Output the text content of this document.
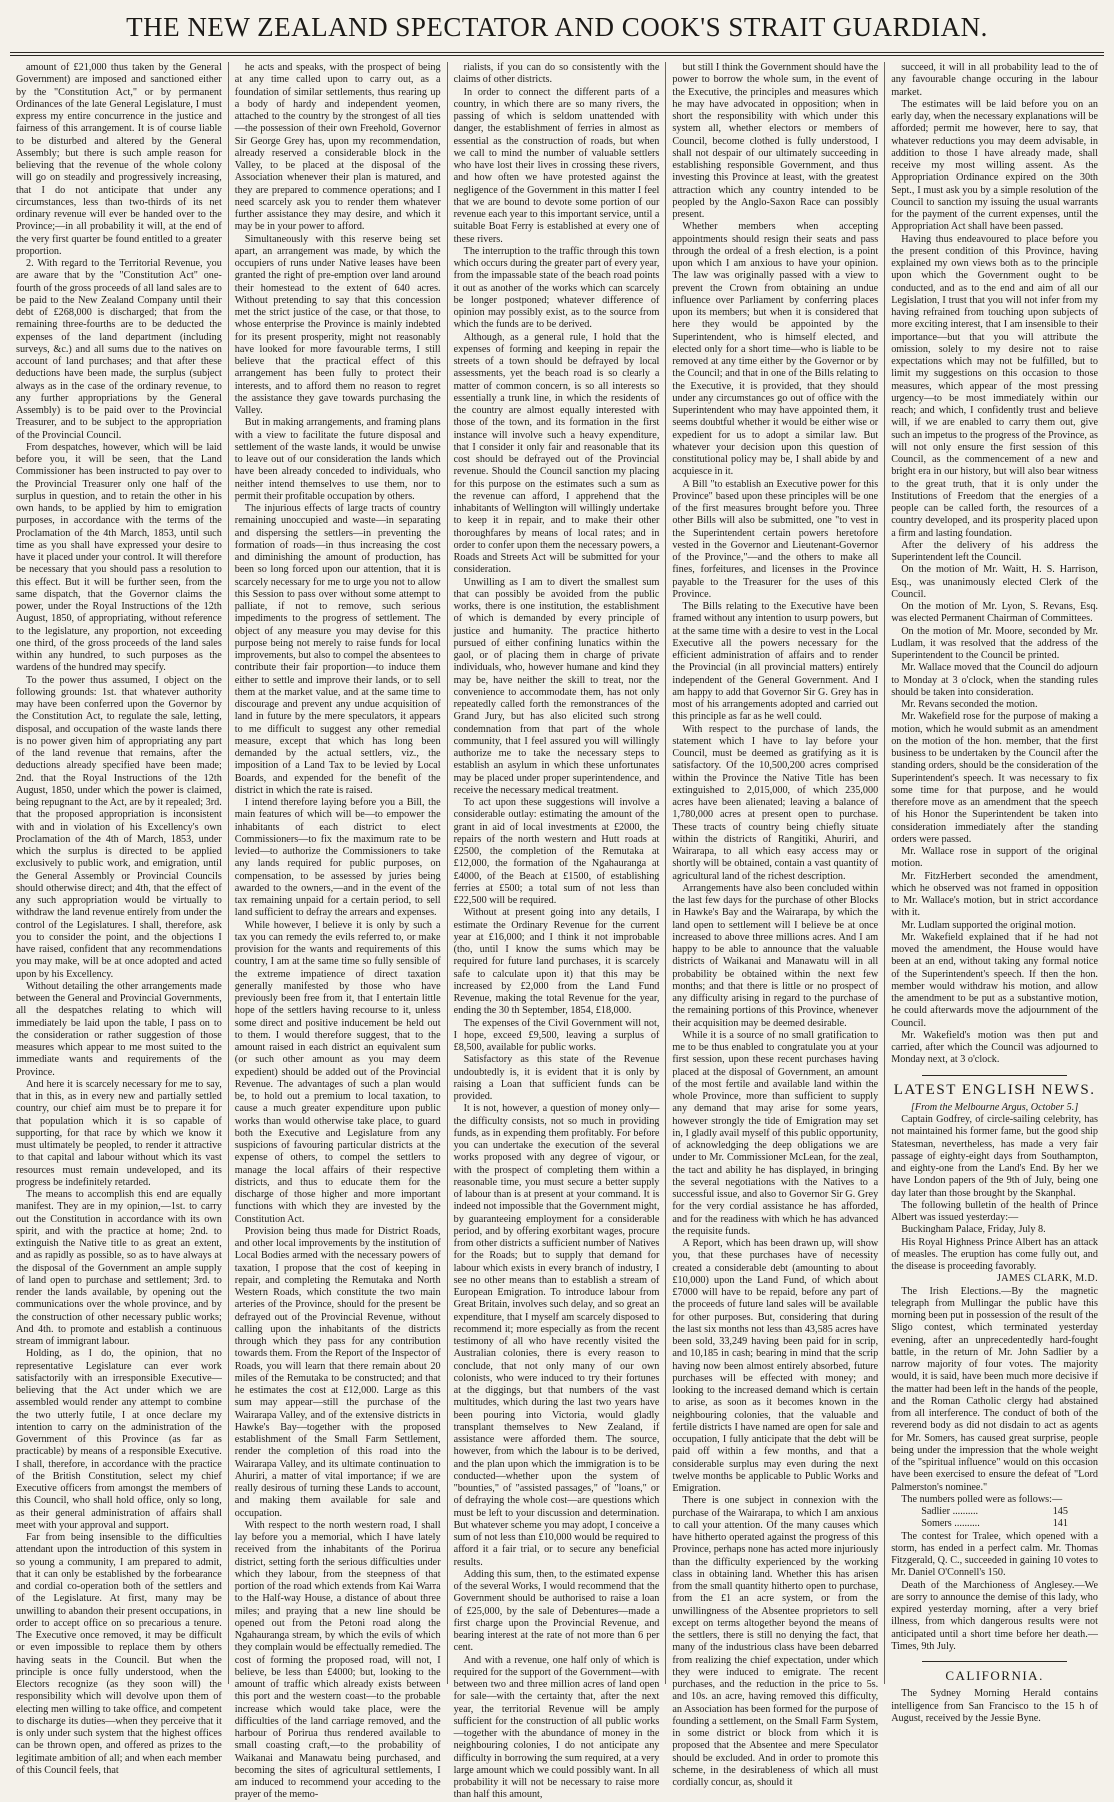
THE NEW ZEALAND SPECTATOR AND COOK'S STRAIT GUARDIAN.

amount of £21,000 thus taken by the General Government) are imposed and sanctioned either by the "Constitution Act," or by permanent Ordinances of the late General Legislature, I must express my entire concurrence in the justice and fairness of this arrangement. It is of course liable to be disturbed and altered by the General Assembly; but there is such ample reason for believing that the revenue of the whole colony will go on steadily and progressively increasing, that I do not anticipate that under any circumstances, less than two-thirds of its net ordinary revenue will ever be handed over to the Province;—in all probability it will, at the end of the very first quarter be found entitled to a greater proportion.

2. With regard to the Territorial Revenue, you are aware that by the "Constitution Act" one-fourth of the gross proceeds of all land sales are to be paid to the New Zealand Company until their debt of £268,000 is discharged; that from the remaining three-fourths are to be deducted the expenses of the land department (including surveys, &c.) and all sums due to the natives on account of land purchases; and that after these deductions have been made, the surplus (subject always as in the case of the ordinary revenue, to any further appropriations by the General Assembly) is to be paid over to the Provincial Treasurer, and to be subject to the appropriation of the Provincial Council.

From despatches, however, which will be laid before you, it will be seen, that the Land Commissioner has been instructed to pay over to the Provincial Treasurer only one half of the surplus in question, and to retain the other in his own hands, to be applied by him to emigration purposes, in accordance with the terms of the Proclamation of the 4th March, 1853, until such time as you shall have expressed your desire to have it placed under your control. It will therefore be necessary that you should pass a resolution to this effect. But it will be further seen, from the same dispatch, that the Governor claims the power, under the Royal Instructions of the 12th August, 1850, of appropriating, without reference to the legislature, any proportion, not exceeding one third, of the gross proceeds of the land sales within any hundred, to such purposes as the wardens of the hundred may specify.

To the power thus assumed, I object on the following grounds: 1st. that whatever authority may have been conferred upon the Governor by the Constitution Act, to regulate the sale, letting, disposal, and occupation of the waste lands there is no power given him of appropriating any part of the land revenue that remains, after the deductions already specified have been made; 2nd. that the Royal Instructions of the 12th August, 1850, under which the power is claimed, being repugnant to the Act, are by it repealed; 3rd. that the proposed appropriation is inconsistent with and in violation of his Excellency's own Proclamation of the 4th of March, 1853, under which the surplus is directed to be applied exclusively to public work, and emigration, until the General Assembly or Provincial Councils should otherwise direct; and 4th, that the effect of any such appropriation would be virtually to withdraw the land revenue entirely from under the control of the Legislatures. I shall, therefore, ask you to consider the point, and the objections I have raised, confident that any recommendations you may make, will be at once adopted and acted upon by his Excellency.

Without detailing the other arrangements made between the General and Provincial Governments, all the despatches relating to which will immediately be laid upon the table, I pass on to the consideration or rather suggestion of those measures which appear to me most suited to the immediate wants and requirements of the Province.

And here it is scarcely necessary for me to say, that in this, as in every new and partially settled country, our chief aim must be to prepare it for that population which it is so capable of supporting, for that race by which we know it must ultimately be peopled, to render it attractive to that capital and labour without which its vast resources must remain undeveloped, and its progress be indefinitely retarded.

The means to accomplish this end are equally manifest. They are in my opinion,—1st. to carry out the Constitution in accordance with its own spirit, and with the practice at home; 2nd. to extinguish the Native title to as great an extent, and as rapidly as possible, so as to have always at the disposal of the Government an ample supply of land open to purchase and settlement; 3rd. to render the lands available, by opening out the communications over the whole province, and by the construction of other necessary public works; And 4th. to promote and establish a continuous stream of immigrant labour.

Holding, as I do, the opinion, that no representative Legislature can ever work satisfactorily with an irresponsible Executive—believing that the Act under which we are assembled would render any attempt to combine the two utterly futile, I at once declare my intention to carry on the administration of the Government of this Province (as far as practicable) by means of a responsible Executive. I shall, therefore, in accordance with the practice of the British Constitution, select my chief Executive officers from amongst the members of this Council, who shall hold office, only so long, as their general administration of affairs shall meet with your approval and support.

Far from being insensible to the difficulties attendant upon the introduction of this system in so young a community, I am prepared to admit, that it can only be established by the forbearance and cordial co-operation both of the settlers and of the Legislature. At first, many may be unwilling to abandon their present occupations, in order to accept office on so precarious a tenure. The Executive once removed, it may be difficult or even impossible to replace them by others having seats in the Council. But when the principle is once fully understood, when the Electors recognize (as they soon will) the responsibility which will devolve upon them of electing men willing to take office, and competent to discharge its duties—when they perceive that it is only under such system that the highest offices can be thrown open, and offered as prizes to the legitimate ambition of all; and when each member of this Council feels, that

he acts and speaks, with the prospect of being at any time called upon to carry out, as a foundation of similar settlements, thus rearing up a body of hardy and independent yeomen, attached to the country by the strongest of all ties—the possession of their own Freehold, Governor Sir George Grey has, upon my recommendation, already reserved a considerable block in the Valley, to be placed at the disposal of the Association whenever their plan is matured, and they are prepared to commence operations; and I need scarcely ask you to render them whatever further assistance they may desire, and which it may be in your power to afford.

Simultaneously with this reserve being set apart, an arrangement was made, by which the occupiers of runs under Native leases have been granted the right of pre-emption over land around their homestead to the extent of 640 acres. Without pretending to say that this concession met the strict justice of the case, or that those, to whose enterprise the Province is mainly indebted for its present prosperity, might not reasonably have looked for more favourable terms, I still believe that the practical effect of this arrangement has been fully to protect their interests, and to afford them no reason to regret the assistance they gave towards purchasing the Valley.

But in making arrangements, and framing plans with a view to facilitate the future disposal and settlement of the waste lands, it would be unwise to leave out of our consideration the lands which have been already conceded to individuals, who neither intend themselves to use them, nor to permit their profitable occupation by others.

The injurious effects of large tracts of country remaining unoccupied and waste—in separating and dispersing the settlers—in preventing the formation of roads—in thus increasing the cost and diminishing the amount of production, has been so long forced upon our attention, that it is scarcely necessary for me to urge you not to allow this Session to pass over without some attempt to palliate, if not to remove, such serious impediments to the progress of settlement. The object of any measure you may devise for this purpose being not merely to raise funds for local improvements, but also to compel the absentees to contribute their fair proportion—to induce them either to settle and improve their lands, or to sell them at the market value, and at the same time to discourage and prevent any undue acquisition of land in future by the mere speculators, it appears to me difficult to suggest any other remedial measure, except that which has long been demanded by the actual settlers, viz., the imposition of a Land Tax to be levied by Local Boards, and expended for the benefit of the district in which the rate is raised.

I intend therefore laying before you a Bill, the main features of which will be—to empower the inhabitants of each district to elect Commissioners—to fix the maximum rate to be levied—to authorize the Commissioners to take any lands required for public purposes, on compensation, to be assessed by juries being awarded to the owners,—and in the event of the tax remaining unpaid for a certain period, to sell land sufficient to defray the arrears and expenses.

While however, I believe it is only by such a tax you can remedy the evils referred to, or make provision for the wants and requirements of this country, I am at the same time so fully sensible of the extreme impatience of direct taxation generally manifested by those who have previously been free from it, that I entertain little hope of the settlers having recourse to it, unless some direct and positive inducement be held out to them. I would therefore suggest, that to the amount raised in each district an equivalent sum (or such other amount as you may deem expedient) should be added out of the Provincial Revenue. The advantages of such a plan would be, to hold out a premium to local taxation, to cause a much greater expenditure upon public works than would otherwise take place, to guard both the Executive and Legislature from any suspicions of favouring particular districts at the expense of others, to compel the settlers to manage the local affairs of their respective districts, and thus to educate them for the discharge of those higher and more important functions with which they are invested by the Constitution Act.

Provision being thus made for District Roads, and other local improvements by the institution of Local Bodies armed with the necessary powers of taxation, I propose that the cost of keeping in repair, and completing the Remutaka and North Western Roads, which constitute the two main arteries of the Province, should for the present be defrayed out of the Provincial Revenue, without calling upon the inhabitants of the districts through which they pass for any contribution towards them. From the Report of the Inspector of Roads, you will learn that there remain about 20 miles of the Remutaka to be constructed; and that he estimates the cost at £12,000. Large as this sum may appear—still the purchase of the Wairarapa Valley, and of the extensive districts in Hawke's Bay—together with the proposed establishment of the Small Farm Settlement, render the completion of this road into the Wairarapa Valley, and its ultimate continuation to Ahuriri, a matter of vital importance; if we are really desirous of turning these Lands to account, and making them available for sale and occupation.

With respect to the north western road, I shall lay before you a memorial, which I have lately received from the inhabitants of the Porirua district, setting forth the serious difficulties under which they labour, from the steepness of that portion of the road which extends from Kai Warra to the Half-way House, a distance of about three miles; and praying that a new line should be opened out from the Petoni road along the Ngahauranga stream, by which the evils of which they complain would be effectually remedied. The cost of forming the proposed road, will not, I believe, be less than £4000; but, looking to the amount of traffic which already exists between this port and the western coast—to the probable increase which would take place, were the difficulties of the land carriage removed, and the harbour of Porirua thus rendered available to small coasting craft,—to the probability of Waikanai and Manawatu being purchased, and becoming the sites of agricultural settlements, I am induced to recommend your acceding to the prayer of the memo-

rialists, if you can do so consistently with the claims of other districts.

In order to connect the different parts of a country, in which there are so many rivers, the passing of which is seldom unattended with danger, the establishment of ferries in almost as essential as the construction of roads, but when we call to mind the number of valuable settlers who have lost their lives in crossing these rivers, and how often we have protested against the negligence of the Government in this matter I feel that we are bound to devote some portion of our revenue each year to this important service, until a suitable Boat Ferry is established at every one of these rivers.

The interruption to the traffic through this town which occurs during the greater part of every year, from the impassable state of the beach road points it out as another of the works which can scarcely be longer postponed; whatever difference of opinion may possibly exist, as to the source from which the funds are to be derived.

Although, as a general rule, I hold that the expenses of forming and keeping in repair the streets of a town should be defrayed by local assessments, yet the beach road is so clearly a matter of common concern, is so all interests so essentially a trunk line, in which the residents of the country are almost equally interested with those of the town, and its formation in the first instance will involve such a heavy expenditure, that I consider it only fair and reasonable that its cost should be defrayed out of the Provincial revenue. Should the Council sanction my placing for this purpose on the estimates such a sum as the revenue can afford, I apprehend that the inhabitants of Wellington will willingly undertake to keep it in repair, and to make their other thoroughfares by means of local rates; and in order to confer upon them the necessary powers, a Roads and Streets Act will be submitted for your consideration.

Unwilling as I am to divert the smallest sum that can possibly be avoided from the public works, there is one institution, the establishment of which is demanded by every principle of justice and humanity. The practice hitherto pursued of either confining lunatics within the gaol, or of placing them in charge of private individuals, who, however humane and kind they may be, have neither the skill to treat, nor the convenience to accommodate them, has not only repeatedly called forth the remonstrances of the Grand Jury, but has also elicited such strong condemnation from that part of the whole community, that I feel assured you will willingly authorize me to take the necessary steps to establish an asylum in which these unfortunates may be placed under proper superintendence, and receive the necessary medical treatment.

To act upon these suggestions will involve a considerable outlay: estimating the amount of the grant in aid of local investments at £2000, the repairs of the north western and Hutt roads at £2500, the completion of the Remutaka at £12,000, the formation of the Ngahauranga at £4000, of the Beach at £1500, of establishing ferries at £500; a total sum of not less than £22,500 will be required.

Without at present going into any details, I estimate the Ordinary Revenue for the current year at £16,000; and I think it not improbable (tho, until I know the sums which may be required for future land purchases, it is scarcely safe to calculate upon it) that this may be increased by £2,000 from the Land Fund Revenue, making the total Revenue for the year, ending the 30 th September, 1854, £18,000.

The expenses of the Civil Government will not, I hope, exceed £9,500, leaving a surplus of £8,500, available for public works.

Satisfactory as this state of the Revenue undoubtedly is, it is evident that it is only by raising a Loan that sufficient funds can be provided.

It is not, however, a question of money only—the difficulty consists, not so much in providing funds, as in expending them profitably. For before you can undertake the execution of the several works proposed with any degree of vigour, or with the prospect of completing them within a reasonable time, you must secure a better supply of labour than is at present at your command. It is indeed not impossible that the Government might, by guaranteeing employment for a considerable period, and by offering exorbitant wages, procure from other districts a sufficient number of Natives for the Roads; but to supply that demand for labour which exists in every branch of industry, I see no other means than to establish a stream of European Emigration. To introduce labour from Great Britain, involves such delay, and so great an expenditure, that I myself am scarcely disposed to recommend it; more especially as from the recent testimony of all who have recently visited the Australian colonies, there is every reason to conclude, that not only many of our own colonists, who were induced to try their fortunes at the diggings, but that numbers of the vast multitudes, which during the last two years have been pouring into Victoria, would gladly transplant themselves to New Zealand, if assistance were afforded them. The source, however, from which the labour is to be derived, and the plan upon which the immigration is to be conducted—whether upon the system of "bounties," of "assisted passages," of "loans," or of defraying the whole cost—are questions which must be left to your discussion and determination. But whatever scheme you may adopt, I conceive a sum of not less than £10,000 would be required to afford it a fair trial, or to secure any beneficial results.

Adding this sum, then, to the estimated expense of the several Works, I would recommend that the Government should be authorised to raise a loan of £25,000, by the sale of Debentures—made a first charge upon the Provincial Revenue, and bearing interest at the rate of not more than 6 per cent.

And with a revenue, one half only of which is required for the support of the Government—with between two and three million acres of land open for sale—with the certainty that, after the next year, the territorial Revenue will be amply sufficient for the construction of all public works—together with the abundance of money in the neighbouring colonies, I do not anticipate any difficulty in borrowing the sum required, at a very large amount which we could possibly want. In all probability it will not be necessary to raise more than half this amount,

but still I think the Government should have the power to borrow the whole sum, in the event of the Executive, the principles and measures which he may have advocated in opposition; when in short the responsibility with which under this system all, whether electors or members of Council, become clothed is fully understood, I shall not despair of our ultimately succeeding in establishing responsible Government, and thus investing this Province at least, with the greatest attraction which any country intended to be peopled by the Anglo-Saxon Race can possibly present.

Whether members when accepting appointments should resign their seats and pass through the ordeal of a fresh election, is a point upon which I am anxious to have your opinion. The law was originally passed with a view to prevent the Crown from obtaining an undue influence over Parliament by conferring places upon its members; but when it is considered that here they would be appointed by the Superintendent, who is himself elected, and elected only for a short time—who is liable to be removed at any time either by the Governor or by the Council; and that in one of the Bills relating to the Executive, it is provided, that they should under any circumstances go out of office with the Superintendent who may have appointed them, it seems doubtful whether it would be either wise or expedient for us to adopt a similar law. But whatever your decision upon this question of constitutional policy may be, I shall abide by and acquiesce in it.

A Bill "to establish an Executive power for this Province" based upon these principles will be one of the first measures brought before you. Three other Bills will also be submitted, one "to vest in the Superintendent certain powers heretofore vested in the Governor and Lieutenant-Governor of the Province,"—and the others to make all fines, forfeitures, and licenses in the Province payable to the Treasurer for the uses of this Province.

The Bills relating to the Executive have been framed without any intention to usurp powers, but at the same time with a desire to vest in the Local Executive all the powers necessary for the efficient administration of affairs and to render the Provincial (in all provincial matters) entirely independent of the General Government. And I am happy to add that Governor Sir G. Grey has in most of his arrangements adopted and carried out this principle as far as he well could.

With respect to the purchase of lands, the statement which I have to lay before your Council, must be deemed as gratifying as it is satisfactory. Of the 10,500,200 acres comprised within the Province the Native Title has been extinguished to 2,015,000, of which 235,000 acres have been alienated; leaving a balance of 1,780,000 acres at present open to purchase. These tracts of country being chiefly situate within the districts of Rangitiki, Ahuriri, and Wairarapa, to all which easy access may or shortly will be obtained, contain a vast quantity of agricultural land of the richest description.

Arrangements have also been concluded within the last few days for the purchase of other Blocks in Hawke's Bay and the Wairarapa, by which the land open to settlement will I believe be at once increased to above three millions acres. And I am happy to be able to announce that the valuable districts of Waikanai and Manawatu will in all probability be obtained within the next few months; and that there is little or no prospect of any difficulty arising in regard to the purchase of the remaining portions of this Province, whenever their acquisition may be deemed desirable.

While it is a source of no small gratification to me to be thus enabled to congratulate you at your first session, upon these recent purchases having placed at the disposal of Government, an amount of the most fertile and available land within the whole Province, more than sufficient to supply any demand that may arise for some years, however strongly the tide of Emigration may set in, I gladly avail myself of this public opportunity, of acknowledging the deep obligations we are under to Mr. Commissioner McLean, for the zeal, the tact and ability he has displayed, in bringing the several negotiations with the Natives to a successful issue, and also to Governor Sir G. Grey for the very cordial assistance he has afforded, and for the readiness with which he has advanced the requisite funds.

A Report, which has been drawn up, will show you, that these purchases have of necessity created a considerable debt (amounting to about £10,000) upon the Land Fund, of which about £7000 will have to be repaid, before any part of the proceeds of future land sales will be available for other purposes. But, considering that during the last six months not less than 43,585 acres have been sold, 33,249 having been paid for in scrip, and 10,185 in cash; bearing in mind that the scrip having now been almost entirely absorbed, future purchases will be effected with money; and looking to the increased demand which is certain to arise, as soon as it becomes known in the neighbouring colonies, that the valuable and fertile districts I have named are open for sale and occupation, I fully anticipate that the debt will be paid off within a few months, and that a considerable surplus may even during the next twelve months be applicable to Public Works and Emigration.

There is one subject in connexion with the purchase of the Wairarapa, to which I am anxious to call your attention. Of the many causes which have hitherto operated against the progress of this Province, perhaps none has acted more injuriously than the difficulty experienced by the working class in obtaining land. Whether this has arisen from the small quantity hitherto open to purchase, from the £1 an acre system, or from the unwillingness of the Absentee proprietors to sell except on terms altogether beyond the means of the settlers, there is still no denying the fact, that many of the industrious class have been debarred from realizing the chief expectation, under which they were induced to emigrate. The recent purchases, and the reduction in the price to 5s. and 10s. an acre, having removed this difficulty, an Association has been formed for the purpose of founding a settlement, on the Small Farm System, in some district or block from which it is proposed that the Absentee and mere Speculator should be excluded. And in order to promote this scheme, in the desirableness of which all must cordially concur, as, should it

succeed, it will in all probability lead to the of any favourable change occuring in the labour market.

The estimates will be laid before you on an early day, when the necessary explanations will be afforded; permit me however, here to say, that whatever reductions you may deem advisable, in addition to those I have already made, shall receive my most willing assent. As the Appropriation Ordinance expired on the 30th Sept., I must ask you by a simple resolution of the Council to sanction my issuing the usual warrants for the payment of the current expenses, until the Appropriation Act shall have been passed.

Having thus endeavoured to place before you the present condition of this Province, having explained my own views both as to the principle upon which the Government ought to be conducted, and as to the end and aim of all our Legislation, I trust that you will not infer from my having refrained from touching upon subjects of more exciting interest, that I am insensible to their importance—but that you will attribute the omission, solely to my desire not to raise expectations which may not be fulfilled, but to limit my suggestions on this occasion to those measures, which appear of the most pressing urgency—to be most immediately within our reach; and which, I confidently trust and believe will, if we are enabled to carry them out, give such an impetus to the progress of the Province, as will not only ensure the first session of this Council, as the commencement of a new and bright era in our history, but will also bear witness to the great truth, that it is only under the Institutions of Freedom that the energies of a people can be called forth, the resources of a country developed, and its prosperity placed upon a firm and lasting foundation.

After the delivery of his address the Superintendent left the Council.

On the motion of Mr. Waitt, H. S. Harrison, Esq., was unanimously elected Clerk of the Council.

On the motion of Mr. Lyon, S. Revans, Esq. was elected Permanent Chairman of Committees.

On the motion of Mr. Moore, seconded by Mr. Ludlam, it was resolved that the address of the Superintendent to the Council be printed.

Mr. Wallace moved that the Council do adjourn to Monday at 3 o'clock, when the standing rules should be taken into consideration.

Mr. Revans seconded the motion.

Mr. Wakefield rose for the purpose of making a motion, which he would submit as an amendment on the motion of the hon. member, that the first business to be undertaken by the Council after the standing orders, should be the consideration of the Superintendent's speech. It was necessary to fix some time for that purpose, and he would therefore move as an amendment that the speech of his Honor the Superintendent be taken into consideration immediately after the standing orders were passed.

Mr. Wallace rose in support of the original motion.

Mr. FitzHerbert seconded the amendment, which he observed was not framed in opposition to Mr. Wallace's motion, but in strict accordance with it.

Mr. Ludlam supported the original motion.

Mr. Wakefield explained that if he had not moved the amendment, the House would have been at an end, without taking any formal notice of the Superintendent's speech. If then the hon. member would withdraw his motion, and allow the amendment to be put as a substantive motion, he could afterwards move the adjournment of the Council.

Mr. Wakefield's motion was then put and carried, after which the Council was adjourned to Monday next, at 3 o'clock.

LATEST ENGLISH NEWS.

[From the Melbourne Argus, October 5.]

Captain Godfrey, of circle-sailing celebrity, has not maintained his former fame, but the good ship Statesman, nevertheless, has made a very fair passage of eighty-eight days from Southampton, and eighty-one from the Land's End. By her we have London papers of the 9th of July, being one day later than those brought by the Skanphal.

The following bulletin of the health of Prince Albert was issued yesterday:—

Buckingham Palace, Friday, July 8.

His Royal Highness Prince Albert has an attack of measles. The eruption has come fully out, and the disease is proceeding favorably.

JAMES CLARK, M.D.

The Irish Elections.—By the magnetic telegraph from Mullingar the public have this morning been put in possession of the result of the Sligo contest, which terminated yesterday evening, after an unprecedentedly hard-fought battle, in the return of Mr. John Sadlier by a narrow majority of four votes. The majority would, it is said, have been much more decisive if the matter had been left in the hands of the people, and the Roman Catholic clergy had abstained from all interference. The conduct of both of the reverend body as did not disdain to act as agents for Mr. Somers, has caused great surprise, people being under the impression that the whole weight of the "spiritual influence" would on this occasion have been exercised to ensure the defeat of "Lord Palmerston's nominee."

The numbers polled were as follows:—

Sadlier ..........	145
Somers ..........	141

The contest for Tralee, which opened with a storm, has ended in a perfect calm. Mr. Thomas Fitzgerald, Q. C., succeeded in gaining 10 votes to Mr. Daniel O'Connell's 150.

Death of the Marchioness of Anglesey.—We are sorry to announce the demise of this lady, who expired yesterday morning, after a very brief illness, from which dangerous results were not anticipated until a short time before her death.—Times, 9th July.

CALIFORNIA.

The Sydney Morning Herald contains intelligence from San Francisco to the 15 h of August, received by the Jessie Byne.
